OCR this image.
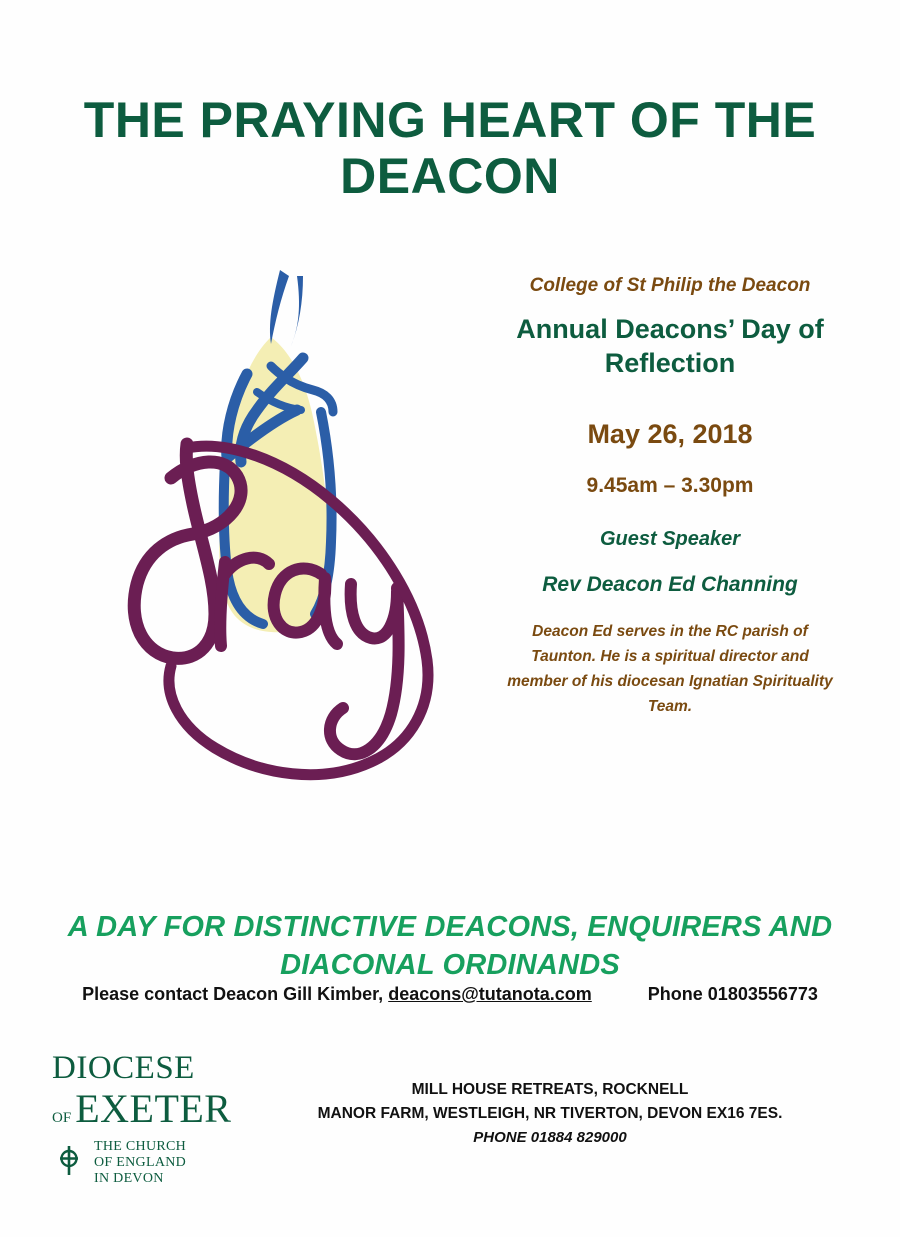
THE PRAYING HEART OF THE DEACON
College of St Philip the Deacon
Annual Deacons’ Day of Reflection
May 26, 2018
9.45am – 3.30pm
Guest Speaker
Rev Deacon Ed Channing
Deacon Ed serves in the RC parish of Taunton. He is a spiritual director and member of his diocesan Ignatian Spirituality Team.
A DAY FOR DISTINCTIVE DEACONS, ENQUIRERS AND DIACONAL ORDINANDS
Please contact Deacon Gill Kimber, deacons@tutanota.com	Phone 01803556773
DIOCESE
OF EXETER
THE CHURCH
OF ENGLAND
IN DEVON
MILL HOUSE RETREATS, ROCKNELL
MANOR FARM, WESTLEIGH, NR TIVERTON, DEVON EX16 7ES.
PHONE 01884 829000
